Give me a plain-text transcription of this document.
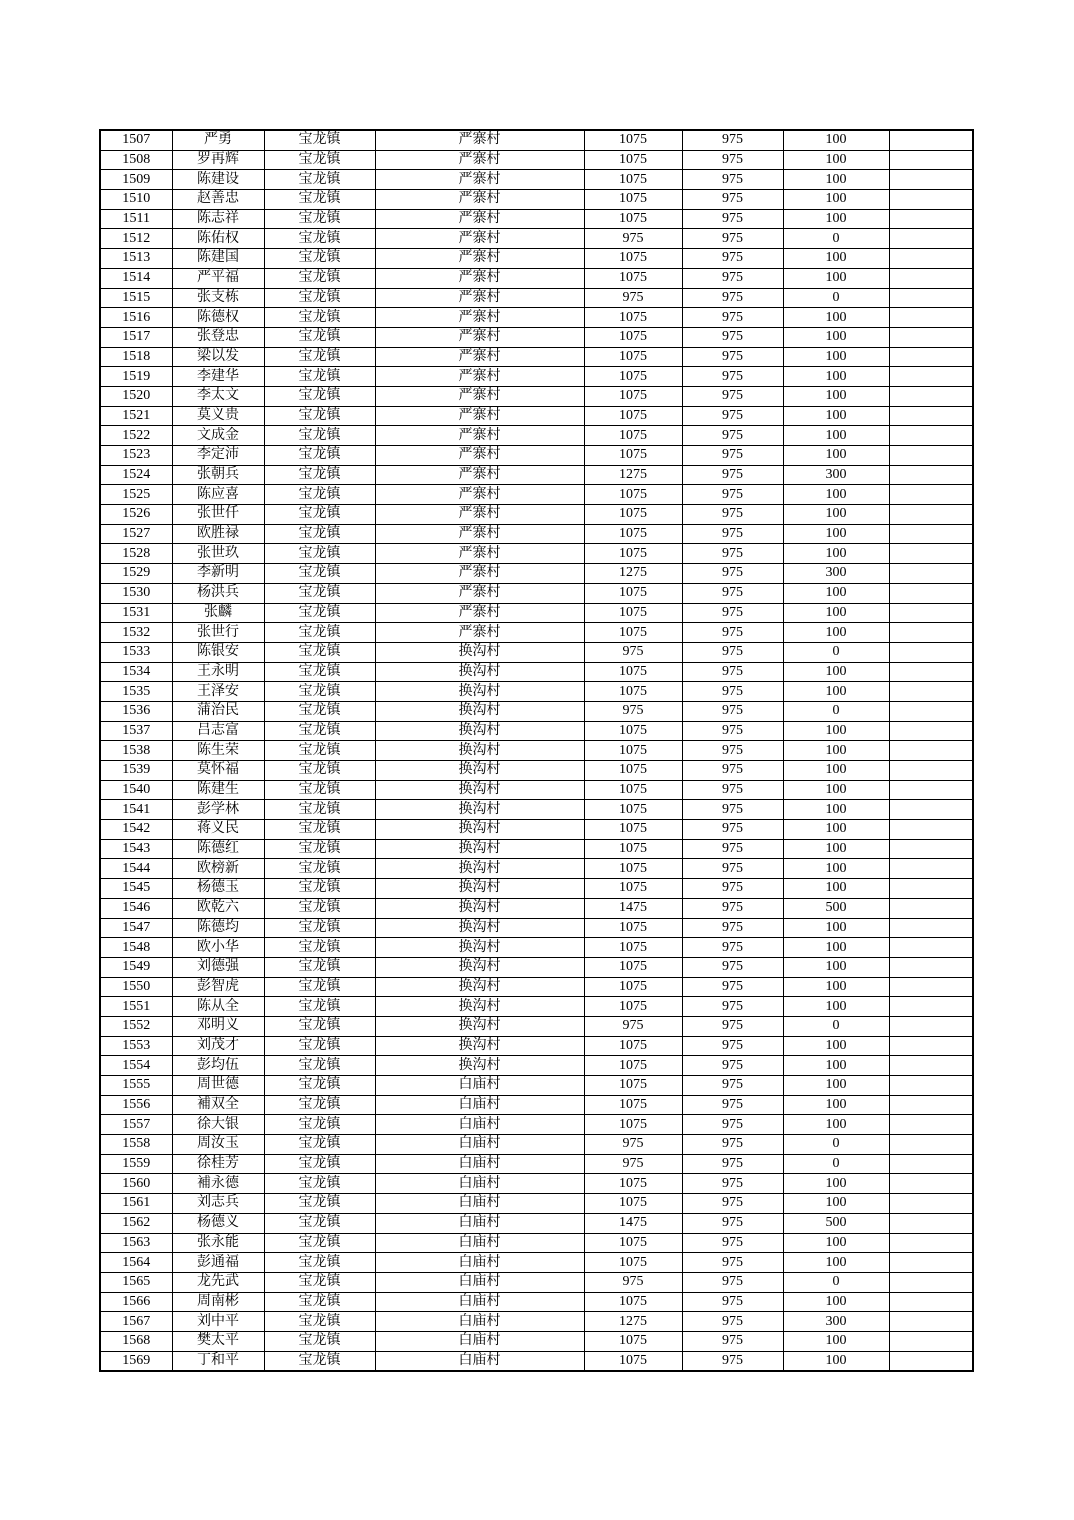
1507	严勇	宝龙镇	严寨村	1075	975	100	
1508	罗再辉	宝龙镇	严寨村	1075	975	100	
1509	陈建设	宝龙镇	严寨村	1075	975	100	
1510	赵善忠	宝龙镇	严寨村	1075	975	100	
1511	陈志祥	宝龙镇	严寨村	1075	975	100	
1512	陈佑权	宝龙镇	严寨村	975	975	0	
1513	陈建国	宝龙镇	严寨村	1075	975	100	
1514	严平福	宝龙镇	严寨村	1075	975	100	
1515	张支栋	宝龙镇	严寨村	975	975	0	
1516	陈德权	宝龙镇	严寨村	1075	975	100	
1517	张登忠	宝龙镇	严寨村	1075	975	100	
1518	梁以发	宝龙镇	严寨村	1075	975	100	
1519	李建华	宝龙镇	严寨村	1075	975	100	
1520	李太文	宝龙镇	严寨村	1075	975	100	
1521	莫义贵	宝龙镇	严寨村	1075	975	100	
1522	文成金	宝龙镇	严寨村	1075	975	100	
1523	李定沛	宝龙镇	严寨村	1075	975	100	
1524	张朝兵	宝龙镇	严寨村	1275	975	300	
1525	陈应喜	宝龙镇	严寨村	1075	975	100	
1526	张世仟	宝龙镇	严寨村	1075	975	100	
1527	欧胜禄	宝龙镇	严寨村	1075	975	100	
1528	张世玖	宝龙镇	严寨村	1075	975	100	
1529	李新明	宝龙镇	严寨村	1275	975	300	
1530	杨洪兵	宝龙镇	严寨村	1075	975	100	
1531	张麟	宝龙镇	严寨村	1075	975	100	
1532	张世行	宝龙镇	严寨村	1075	975	100	
1533	陈银安	宝龙镇	换沟村	975	975	0	
1534	王永明	宝龙镇	换沟村	1075	975	100	
1535	王泽安	宝龙镇	换沟村	1075	975	100	
1536	蒲治民	宝龙镇	换沟村	975	975	0	
1537	吕志富	宝龙镇	换沟村	1075	975	100	
1538	陈生荣	宝龙镇	换沟村	1075	975	100	
1539	莫怀福	宝龙镇	换沟村	1075	975	100	
1540	陈建生	宝龙镇	换沟村	1075	975	100	
1541	彭学林	宝龙镇	换沟村	1075	975	100	
1542	蒋义民	宝龙镇	换沟村	1075	975	100	
1543	陈德红	宝龙镇	换沟村	1075	975	100	
1544	欧榜新	宝龙镇	换沟村	1075	975	100	
1545	杨德玉	宝龙镇	换沟村	1075	975	100	
1546	欧乾六	宝龙镇	换沟村	1475	975	500	
1547	陈德均	宝龙镇	换沟村	1075	975	100	
1548	欧小华	宝龙镇	换沟村	1075	975	100	
1549	刘德强	宝龙镇	换沟村	1075	975	100	
1550	彭智虎	宝龙镇	换沟村	1075	975	100	
1551	陈从全	宝龙镇	换沟村	1075	975	100	
1552	邓明义	宝龙镇	换沟村	975	975	0	
1553	刘茂才	宝龙镇	换沟村	1075	975	100	
1554	彭均伍	宝龙镇	换沟村	1075	975	100	
1555	周世德	宝龙镇	白庙村	1075	975	100	
1556	補双全	宝龙镇	白庙村	1075	975	100	
1557	徐大银	宝龙镇	白庙村	1075	975	100	
1558	周汝玉	宝龙镇	白庙村	975	975	0	
1559	徐桂芳	宝龙镇	白庙村	975	975	0	
1560	補永德	宝龙镇	白庙村	1075	975	100	
1561	刘志兵	宝龙镇	白庙村	1075	975	100	
1562	杨德义	宝龙镇	白庙村	1475	975	500	
1563	张永能	宝龙镇	白庙村	1075	975	100	
1564	彭通福	宝龙镇	白庙村	1075	975	100	
1565	龙先武	宝龙镇	白庙村	975	975	0	
1566	周南彬	宝龙镇	白庙村	1075	975	100	
1567	刘中平	宝龙镇	白庙村	1275	975	300	
1568	樊太平	宝龙镇	白庙村	1075	975	100	
1569	丁和平	宝龙镇	白庙村	1075	975	100	
